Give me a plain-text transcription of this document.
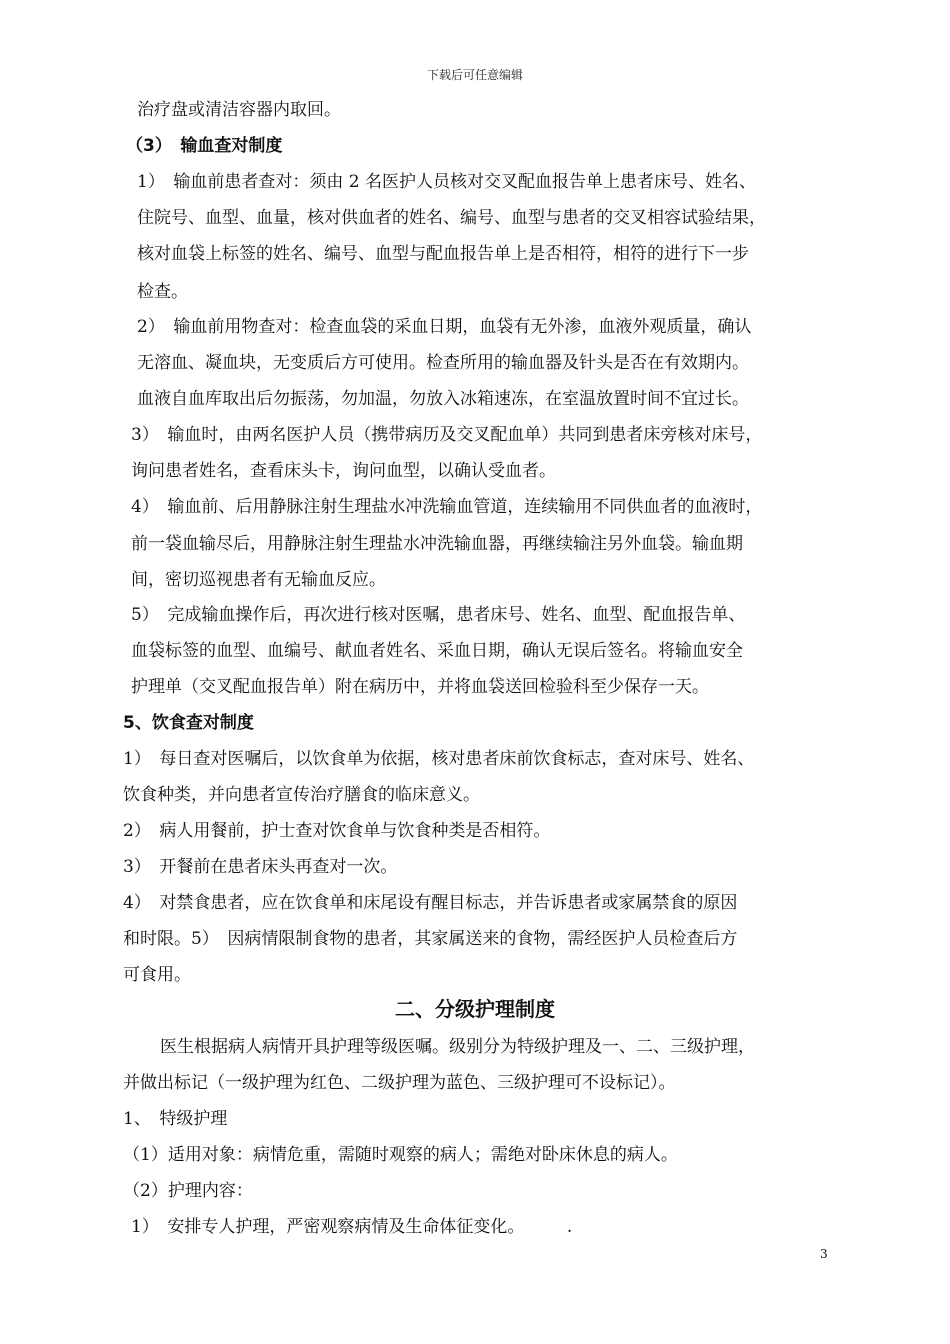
下载后可任意编辑
治疗盘或清洁容器内取回。
（3）　输血查对制度
1）　输血前患者查对：须由 2 名医护人员核对交叉配血报告单上患者床号、姓名、
住院号、血型、血量，核对供血者的姓名、编号、血型与患者的交叉相容试验结果，
核对血袋上标签的姓名、编号、血型与配血报告单上是否相符，相符的进行下一步
检查。
2）　输血前用物查对：检查血袋的采血日期，血袋有无外渗，血液外观质量，确认
无溶血、凝血块，无变质后方可使用。检查所用的输血器及针头是否在有效期内。
血液自血库取出后勿振荡，勿加温，勿放入冰箱速冻，在室温放置时间不宜过长。
3）　输血时，由两名医护人员（携带病历及交叉配血单）共同到患者床旁核对床号，
询问患者姓名，查看床头卡，询问血型，以确认受血者。
4）　输血前、后用静脉注射生理盐水冲洗输血管道，连续输用不同供血者的血液时，
前一袋血输尽后，用静脉注射生理盐水冲洗输血器，再继续输注另外血袋。输血期
间，密切巡视患者有无输血反应。
5）　完成输血操作后，再次进行核对医嘱，患者床号、姓名、血型、配血报告单、
血袋标签的血型、血编号、献血者姓名、采血日期，确认无误后签名。将输血安全
护理单（交叉配血报告单）附在病历中，并将血袋送回检验科至少保存一天。
5、饮食查对制度
1）　每日查对医嘱后，以饮食单为依据，核对患者床前饮食标志，查对床号、姓名、
饮食种类，并向患者宣传治疗膳食的临床意义。
2）　病人用餐前，护士查对饮食单与饮食种类是否相符。
3）　开餐前在患者床头再查对一次。
4）　对禁食患者，应在饮食单和床尾设有醒目标志，并告诉患者或家属禁食的原因
和时限。5）　因病情限制食物的患者，其家属送来的食物，需经医护人员检查后方
可食用。
二、分级护理制度
医生根据病人病情开具护理等级医嘱。级别分为特级护理及一、二、三级护理，
并做出标记（一级护理为红色、二级护理为蓝色、三级护理可不设标记）。
1、　特级护理
（1）适用对象：病情危重，需随时观察的病人；需绝对卧床休息的病人。
（2）护理内容：
1）　安排专人护理，严密观察病情及生命体征变化。　　　.
3
